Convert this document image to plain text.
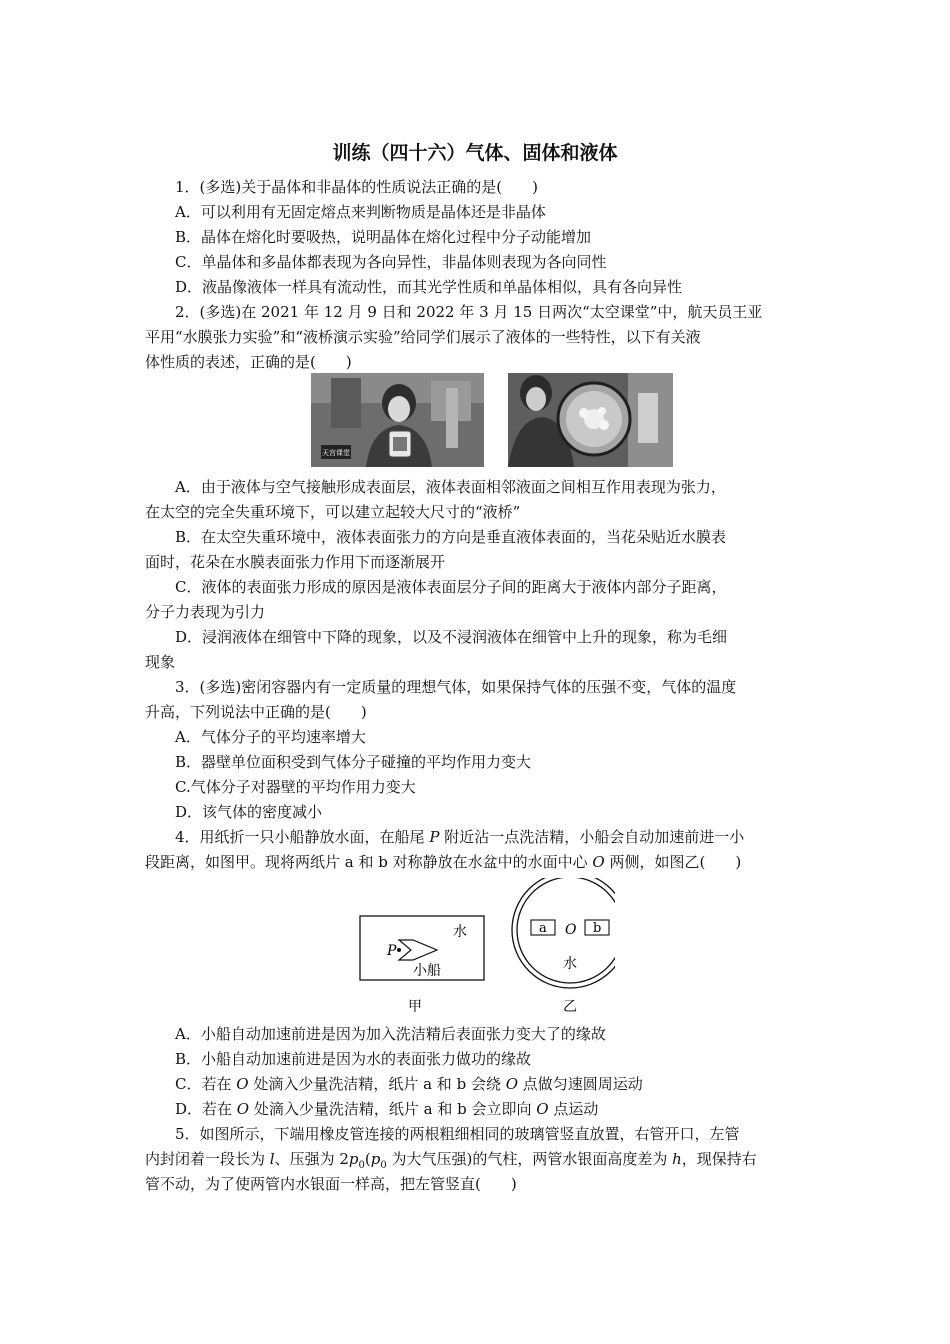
训练（四十六）气体、固体和液体
1．(多选)关于晶体和非晶体的性质说法正确的是(　　)
A．可以利用有无固定熔点来判断物质是晶体还是非晶体
B．晶体在熔化时要吸热，说明晶体在熔化过程中分子动能增加
C．单晶体和多晶体都表现为各向异性，非晶体则表现为各向同性
D．液晶像液体一样具有流动性，而其光学性质和单晶体相似，具有各向异性
2．(多选)在 2021 年 12 月 9 日和 2022 年 3 月 15 日两次“太空课堂”中，航天员王亚
平用“水膜张力实验”和“液桥演示实验”给同学们展示了液体的一些特性，以下有关液
体性质的表述，正确的是(　　)
天宫课堂
A．由于液体与空气接触形成表面层，液体表面相邻液面之间相互作用表现为张力，
在太空的完全失重环境下，可以建立起较大尺寸的“液桥”
B．在太空失重环境中，液体表面张力的方向是垂直液体表面的，当花朵贴近水膜表
面时，花朵在水膜表面张力作用下而逐渐展开
C．液体的表面张力形成的原因是液体表面层分子间的距离大于液体内部分子距离，
分子力表现为引力
D．浸润液体在细管中下降的现象，以及不浸润液体在细管中上升的现象，称为毛细
现象
3．(多选)密闭容器内有一定质量的理想气体，如果保持气体的压强不变，气体的温度
升高，下列说法中正确的是(　　)
A．气体分子的平均速率增大
B．器壁单位面积受到气体分子碰撞的平均作用力变大
C.气体分子对器壁的平均作用力变大
D．该气体的密度减小
4．用纸折一只小船静放水面，在船尾 P 附近沾一点洗洁精，小船会自动加速前进一小
段距离，如图甲。现将两纸片 a 和 b 对称静放在水盆中的水面中心 O 两侧，如图乙(　　)
P
水
小船
a O b
水
甲	乙
A．小船自动加速前进是因为加入洗洁精后表面张力变大了的缘故
B．小船自动加速前进是因为水的表面张力做功的缘故
C．若在 O 处滴入少量洗洁精，纸片 a 和 b 会绕 O 点做匀速圆周运动
D．若在 O 处滴入少量洗洁精，纸片 a 和 b 会立即向 O 点运动
5．如图所示，下端用橡皮管连接的两根粗细相同的玻璃管竖直放置，右管开口，左管
内封闭着一段长为 l、压强为 $2p_0(p_0$ 为大气压强)的气柱，两管水银面高度差为 h，现保持右
管不动，为了使两管内水银面一样高，把左管竖直(　　)
